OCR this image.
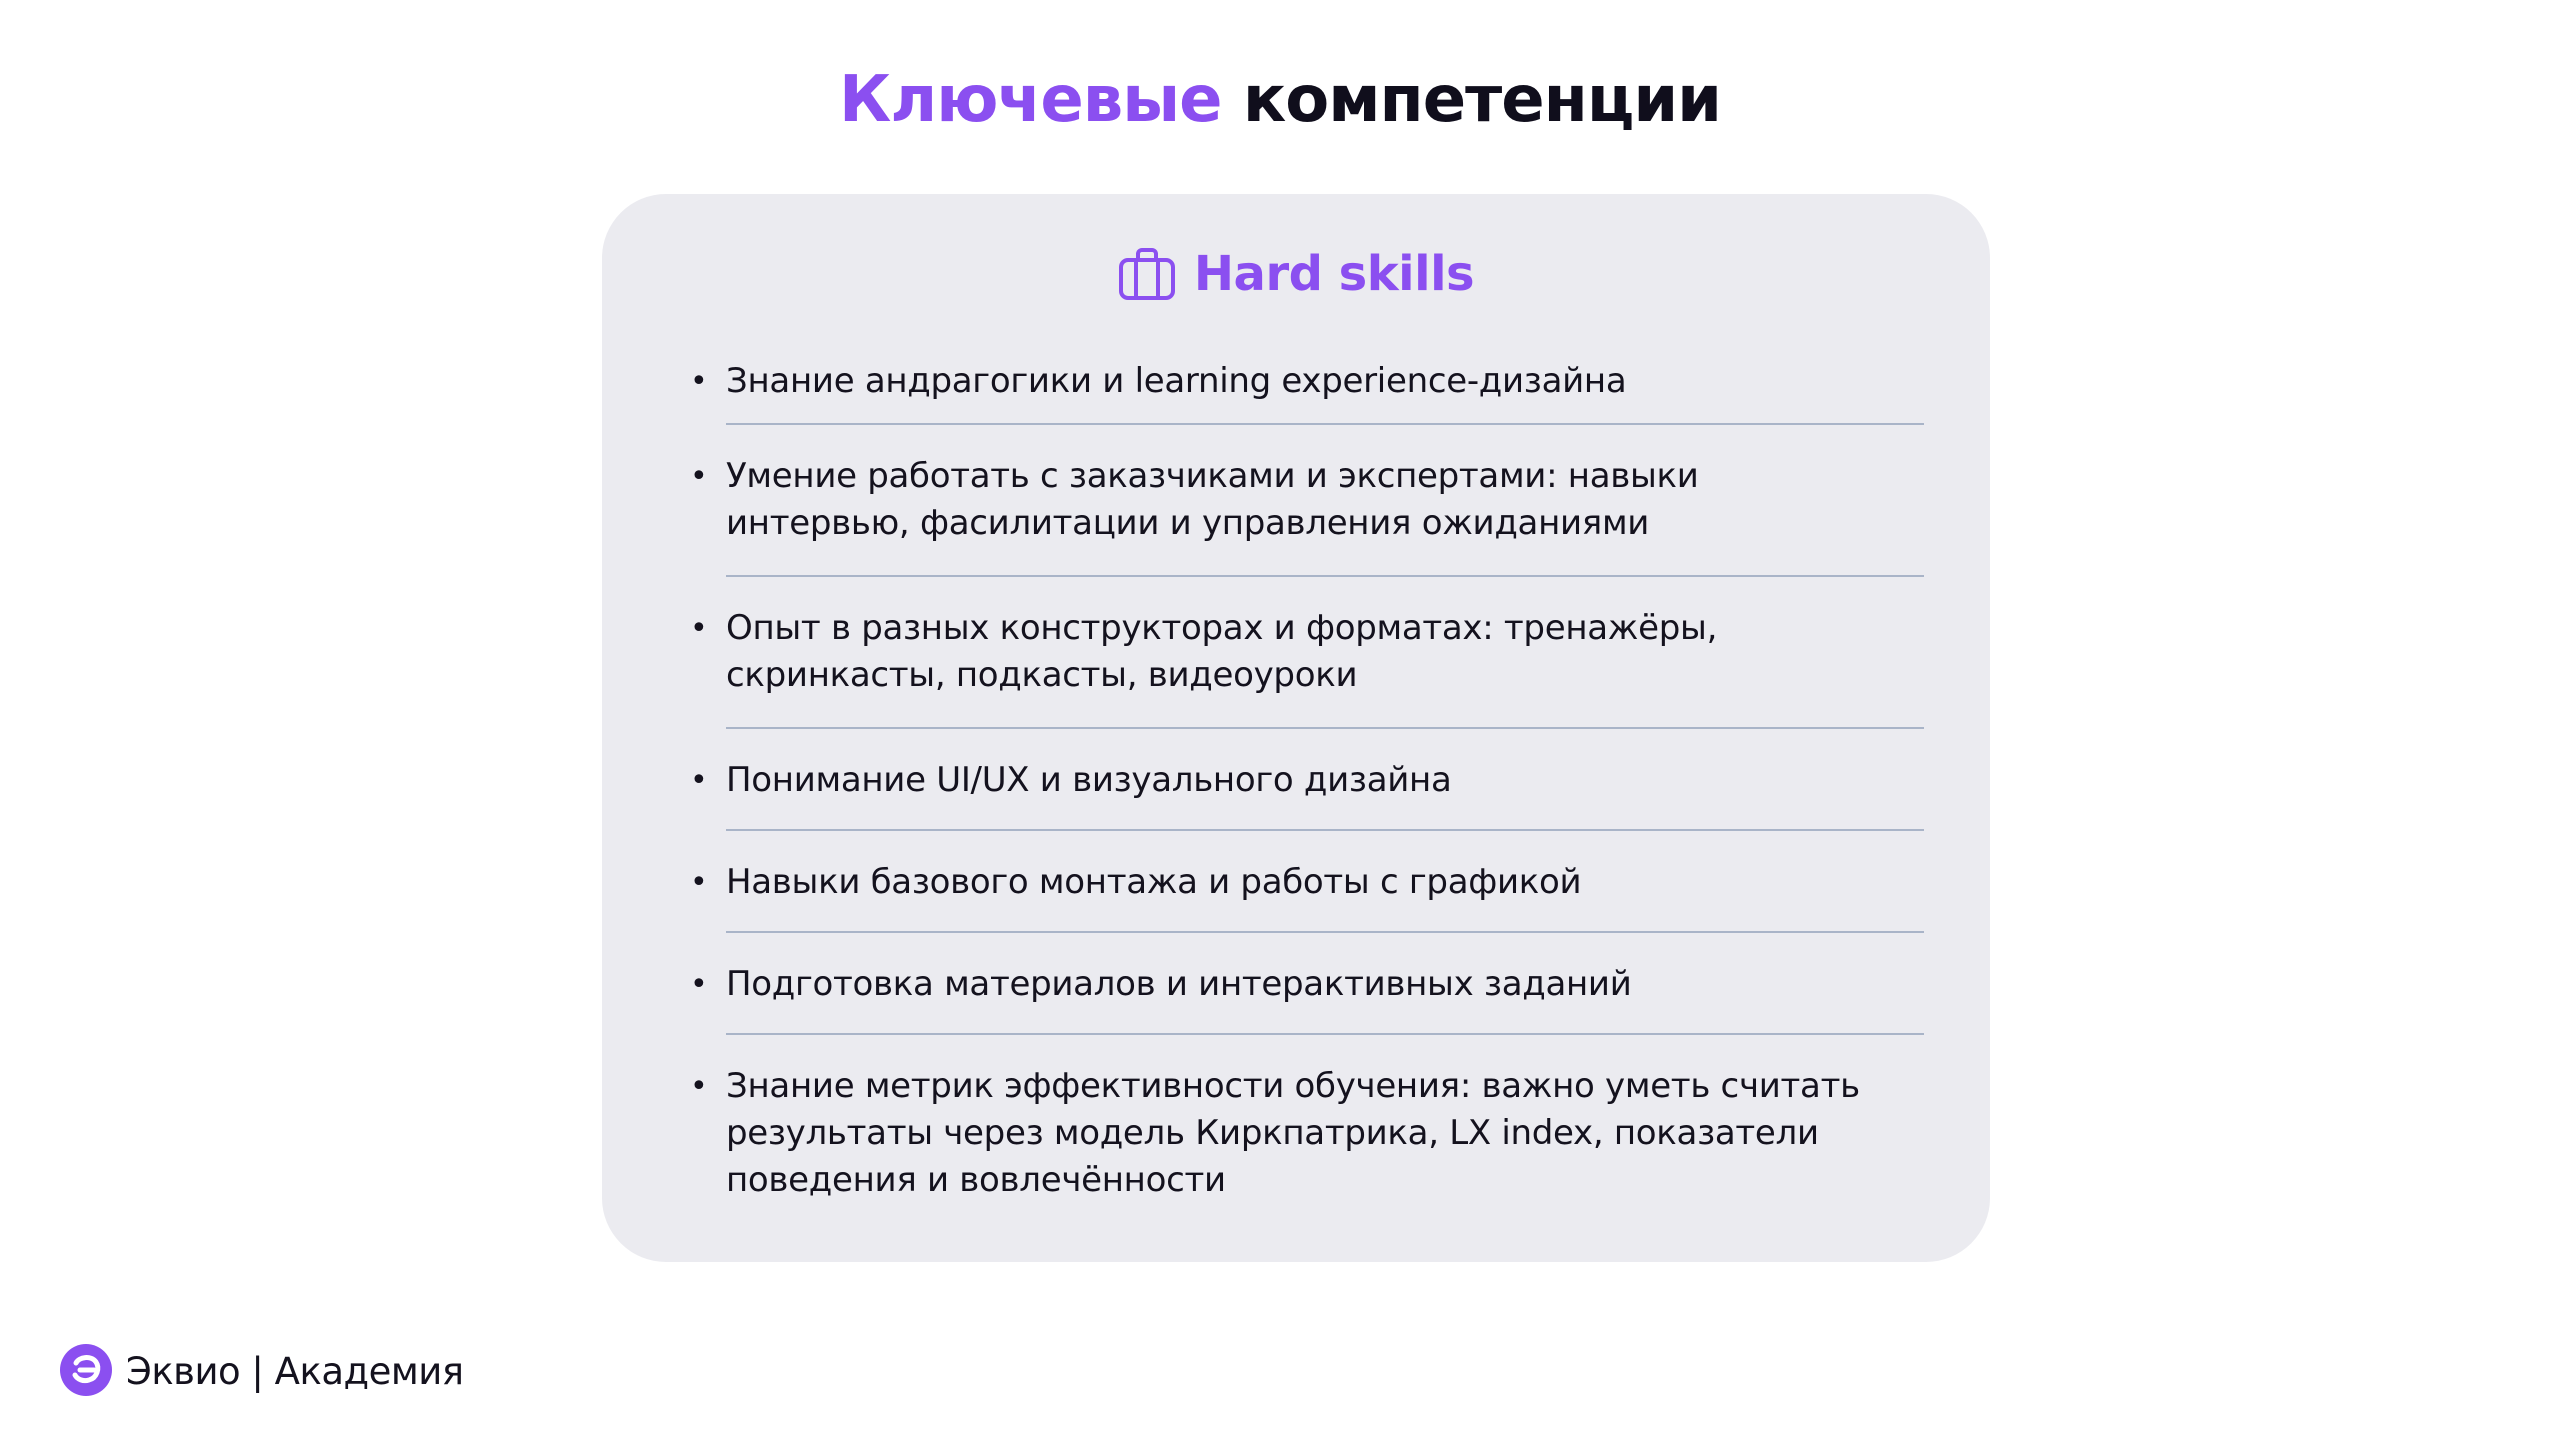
Ключевые компетенции
Hard skills
• Знание андрагогики и learning experience-дизайна
• Умение работать с заказчиками и экспертами: навыки
интервью, фасилитации и управления ожиданиями
• Опыт в разных конструкторах и форматах: тренажёры,
скринкасты, подкасты, видеоуроки
• Понимание UI/UX и визуального дизайна
• Навыки базового монтажа и работы с графикой
• Подготовка материалов и интерактивных заданий
• Знание метрик эффективности обучения: важно уметь считать
результаты через модель Киркпатрика, LX index, показатели
поведения и вовлечённости
Эквио | Академия
